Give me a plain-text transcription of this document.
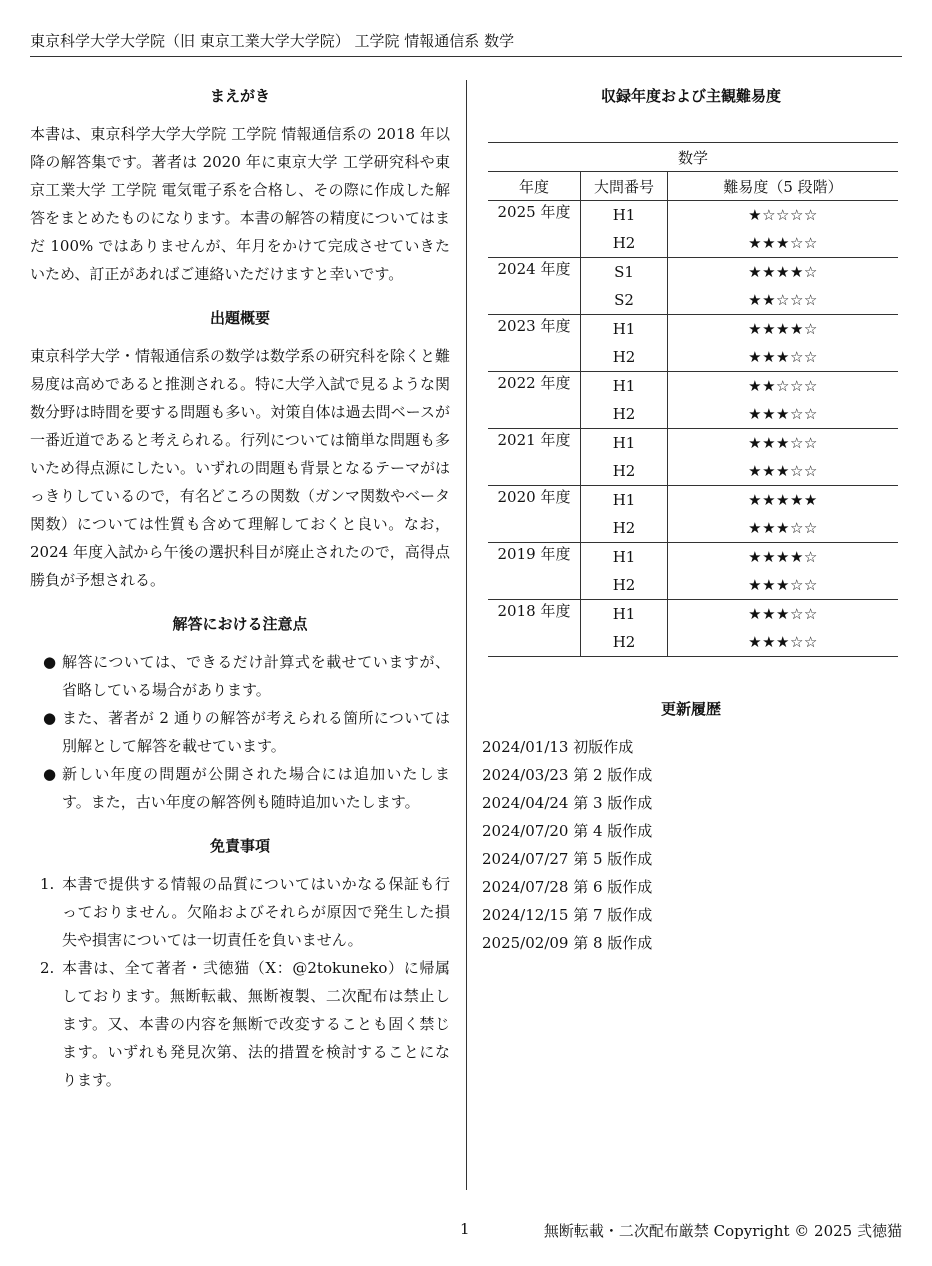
東京科学大学大学院（旧 東京工業大学大学院） 工学院 情報通信系 数学
まえがき

本書は、東京科学大学大学院 工学院 情報通信系の 2018 年以降の解答集です。著者は 2020 年に東京大学 工学研究科や東京工業大学 工学院 電気電子系を合格し、その際に作成した解答をまとめたものになります。本書の解答の精度についてはまだ 100% ではありませんが、年月をかけて完成させていきたいため、訂正があればご連絡いただけますと幸いです。

出題概要

東京科学大学・情報通信系の数学は数学系の研究科を除くと難易度は高めであると推測される。特に大学入試で見るような関数分野は時間を要する問題も多い。対策自体は過去問ベースが一番近道であると考えられる。行列については簡単な問題も多いため得点源にしたい。いずれの問題も背景となるテーマがはっきりしているので，有名どころの関数（ガンマ関数やベータ関数）については性質も含めて理解しておくと良い。なお，2024 年度入試から午後の選択科目が廃止されたので，高得点勝負が予想される。

解答における注意点
● 解答については、できるだけ計算式を載せていますが、省略している場合があります。
● また、著者が 2 通りの解答が考えられる箇所については別解として解答を載せています。
● 新しい年度の問題が公開された場合には追加いたします。また，古い年度の解答例も随時追加いたします。
免責事項
1. 本書で提供する情報の品質についてはいかなる保証も行っておりません。欠陥およびそれらが原因で発生した損失や損害については一切責任を負いません。
2. 本書は、全て著者・弐徳猫（X：@2tokuneko）に帰属しております。無断転載、無断複製、二次配布は禁止します。又、本書の内容を無断で改変することも固く禁じます。いずれも発見次第、法的措置を検討することになります。
収録年度および主観難易度
数学		
年度	大問番号	難易度（5 段階）
2025 年度	H1	★☆☆☆☆
	H2	★★★☆☆
2024 年度	S1	★★★★☆
	S2	★★☆☆☆
2023 年度	H1	★★★★☆
	H2	★★★☆☆
2022 年度	H1	★★☆☆☆
	H2	★★★☆☆
2021 年度	H1	★★★☆☆
	H2	★★★☆☆
2020 年度	H1	★★★★★
	H2	★★★☆☆
2019 年度	H1	★★★★☆
	H2	★★★☆☆
2018 年度	H1	★★★☆☆
	H2	★★★☆☆
更新履歴
2024/01/13 初版作成
2024/03/23 第 2 版作成
2024/04/24 第 3 版作成
2024/07/20 第 4 版作成
2024/07/27 第 5 版作成
2024/07/28 第 6 版作成
2024/12/15 第 7 版作成
2025/02/09 第 8 版作成
1	無断転載・二次配布厳禁 Copyright © 2025 弐徳猫
